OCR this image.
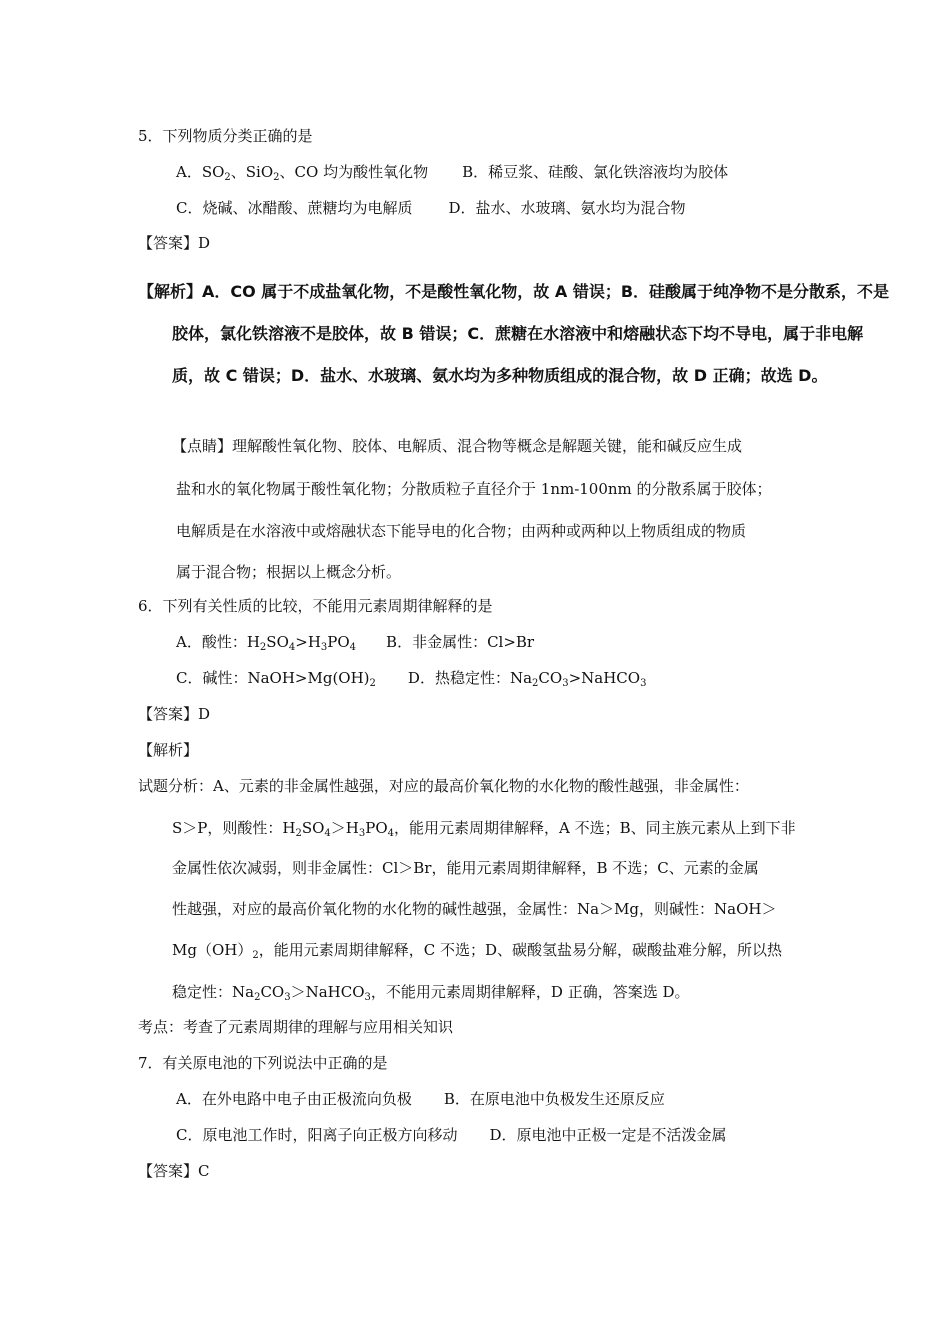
5．下列物质分类正确的是
A．$SO_2$、SiO$_2$、CO 均为酸性氧化物 B．稀豆浆、硅酸、氯化铁溶液均为胶体
C．烧碱、冰醋酸、蔗糖均为电解质 D．盐水、水玻璃、氨水均为混合物
【答案】D
【解析】A．CO 属于不成盐氧化物，不是酸性氧化物，故 A 错误；B．硅酸属于纯净物不是分散系，不是
胶体，氯化铁溶液不是胶体，故 B 错误；C．蔗糖在水溶液中和熔融状态下均不导电，属于非电解
质，故 C 错误；D．盐水、水玻璃、氨水均为多种物质组成的混合物，故 D 正确；故选 D。
【点睛】理解酸性氧化物、胶体、电解质、混合物等概念是解题关键，能和碱反应生成
盐和水的氧化物属于酸性氧化物；分散质粒子直径介于 1nm-100nm 的分散系属于胶体；
电解质是在水溶液中或熔融状态下能导电的化合物；由两种或两种以上物质组成的物质
属于混合物；根据以上概念分析。
6．下列有关性质的比较，不能用元素周期律解释的是
A．酸性：$H_2SO_4>H_3PO_4$ B．非金属性：Cl>Br
C．碱性：$NaOH>Mg(OH)_2$ D．热稳定性：$Na_2CO_3>NaHCO_3$
【答案】D
【解析】
试题分析：A、元素的非金属性越强，对应的最高价氧化物的水化物的酸性越强，非金属性：
S＞P，则酸性：$H_2SO_4>H_3PO_4$，能用元素周期律解释，A 不选；B、同主族元素从上到下非
金属性依次减弱，则非金属性：Cl＞Br，能用元素周期律解释，B 不选；C、元素的金属
性越强，对应的最高价氧化物的水化物的碱性越强，金属性：Na＞Mg，则碱性：NaOH＞
$Mg(OH)_2$，能用元素周期律解释，C 不选；D、碳酸氢盐易分解，碳酸盐难分解，所以热
稳定性：$Na_2CO_3>NaHCO_3$，不能用元素周期律解释，D 正确，答案选 D。
考点：考查了元素周期律的理解与应用相关知识
7．有关原电池的下列说法中正确的是
A．在外电路中电子由正极流向负极 B．在原电池中负极发生还原反应
C．原电池工作时，阳离子向正极方向移动 D．原电池中正极一定是不活泼金属
【答案】C
